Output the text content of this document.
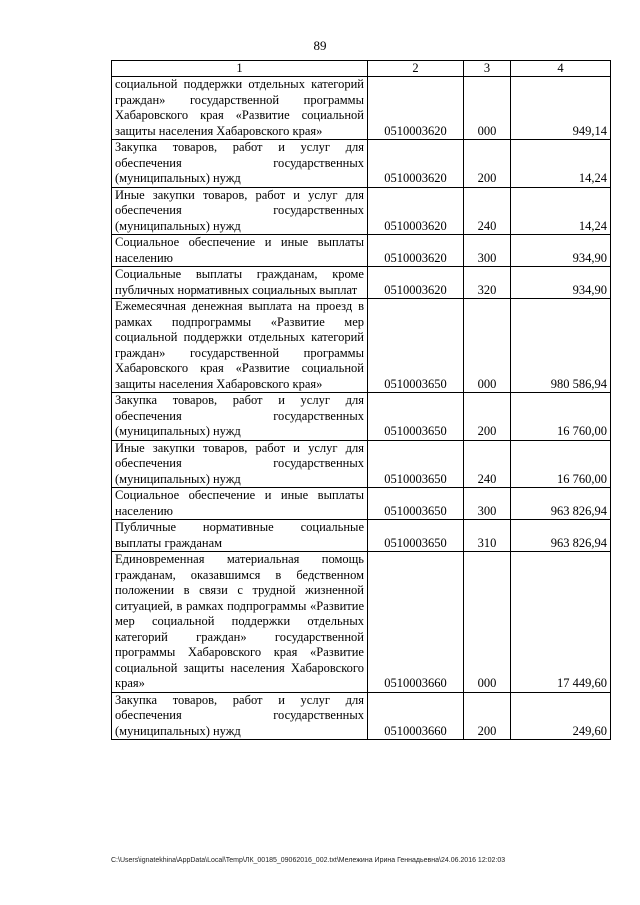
89
1	2	3	4
социальной поддержки отдельных категорий граждан» государственной программы Хабаровского края «Развитие социальной защиты населения Хабаровского края»	0510003620	000	949,14
Закупка товаров, работ и услуг для обеспечения государственных (муниципальных) нужд	0510003620	200	14,24
Иные закупки товаров, работ и услуг для обеспечения государственных (муниципальных) нужд	0510003620	240	14,24
Социальное обеспечение и иные выплаты населению	0510003620	300	934,90
Социальные выплаты гражданам, кроме публичных нормативных социальных выплат	0510003620	320	934,90
Ежемесячная денежная выплата на проезд в рамках подпрограммы «Развитие мер социальной поддержки отдельных категорий граждан» государственной программы Хабаровского края «Развитие социальной защиты населения Хабаровского края»	0510003650	000	980 586,94
Закупка товаров, работ и услуг для обеспечения государственных (муниципальных) нужд	0510003650	200	16 760,00
Иные закупки товаров, работ и услуг для обеспечения государственных (муниципальных) нужд	0510003650	240	16 760,00
Социальное обеспечение и иные выплаты населению	0510003650	300	963 826,94
Публичные нормативные социальные выплаты гражданам	0510003650	310	963 826,94
Единовременная материальная помощь гражданам, оказавшимся в бедственном положении в связи с трудной жизненной ситуацией, в рамках подпрограммы «Развитие мер социальной поддержки отдельных категорий граждан» государственной программы Хабаровского края «Развитие социальной защиты населения Хабаровского края»	0510003660	000	17 449,60
Закупка товаров, работ и услуг для обеспечения государственных (муниципальных) нужд	0510003660	200	249,60
C:\Users\ignatekhina\AppData\Local\Temp\ЛК_00185_09062016_002.txt\Мележина Ирина Геннадьевна\24.06.2016 12:02:03
